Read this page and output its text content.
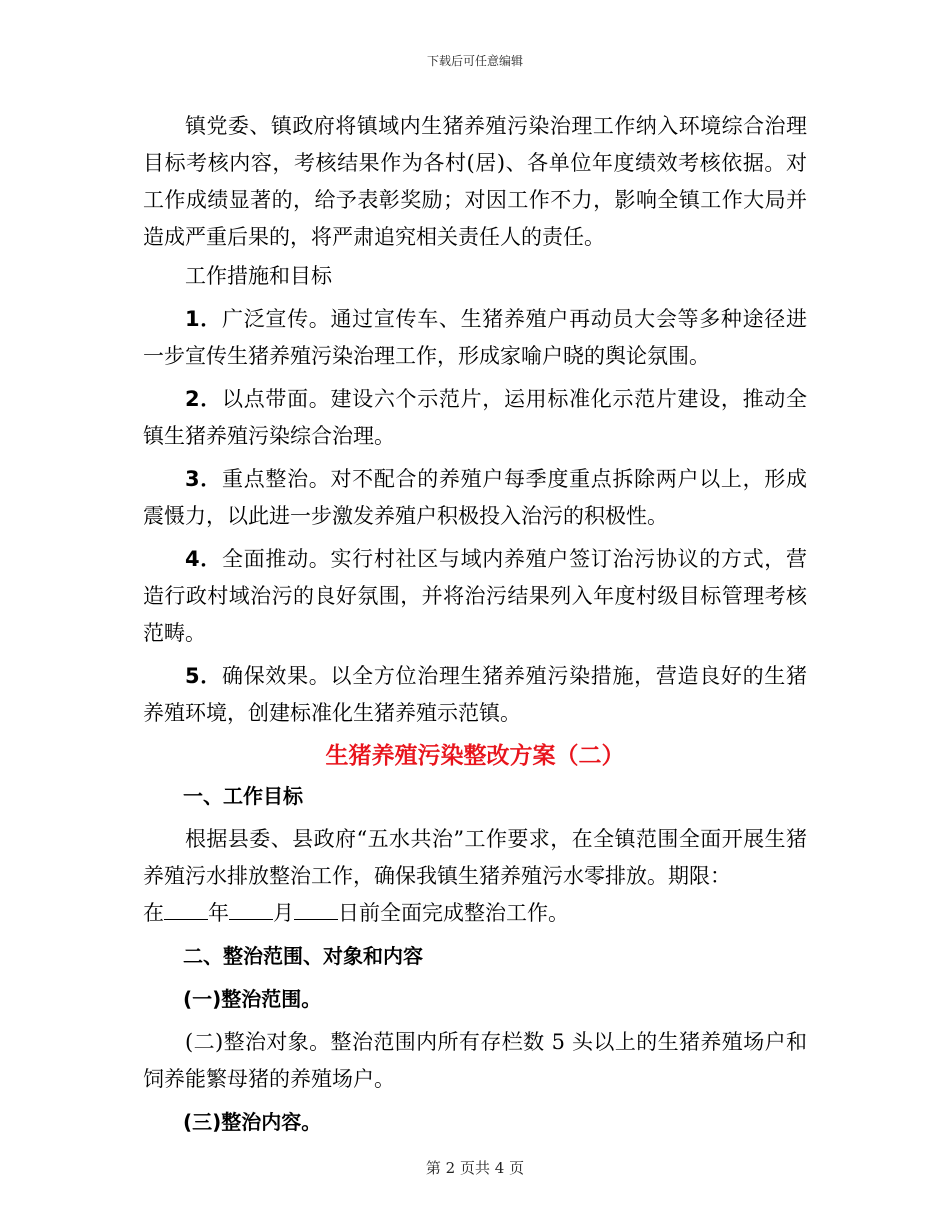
下载后可任意编辑

镇党委、镇政府将镇域内生猪养殖污染治理工作纳入环境综合治理目标考核内容，考核结果作为各村(居)、各单位年度绩效考核依据。对工作成绩显著的，给予表彰奖励；对因工作不力，影响全镇工作大局并造成严重后果的，将严肃追究相关责任人的责任。

工作措施和目标

1．广泛宣传。通过宣传车、生猪养殖户再动员大会等多种途径进一步宣传生猪养殖污染治理工作，形成家喻户晓的舆论氛围。

2．以点带面。建设六个示范片，运用标准化示范片建设，推动全镇生猪养殖污染综合治理。

3．重点整治。对不配合的养殖户每季度重点拆除两户以上，形成震慑力，以此进一步激发养殖户积极投入治污的积极性。

4．全面推动。实行村社区与域内养殖户签订治污协议的方式，营造行政村域治污的良好氛围，并将治污结果列入年度村级目标管理考核范畴。

5．确保效果。以全方位治理生猪养殖污染措施，营造良好的生猪养殖环境，创建标准化生猪养殖示范镇。

生猪养殖污染整改方案（二）

一、工作目标

根据县委、县政府“五水共治”工作要求，在全镇范围全面开展生猪养殖污水排放整治工作，确保我镇生猪养殖污水零排放。期限：

在 年 月 日前全面完成整治工作。

二、整治范围、对象和内容

(一)整治范围。

(二)整治对象。整治范围内所有存栏数 5 头以上的生猪养殖场户和饲养能繁母猪的养殖场户。

(三)整治内容。

第 2 页共 4 页
